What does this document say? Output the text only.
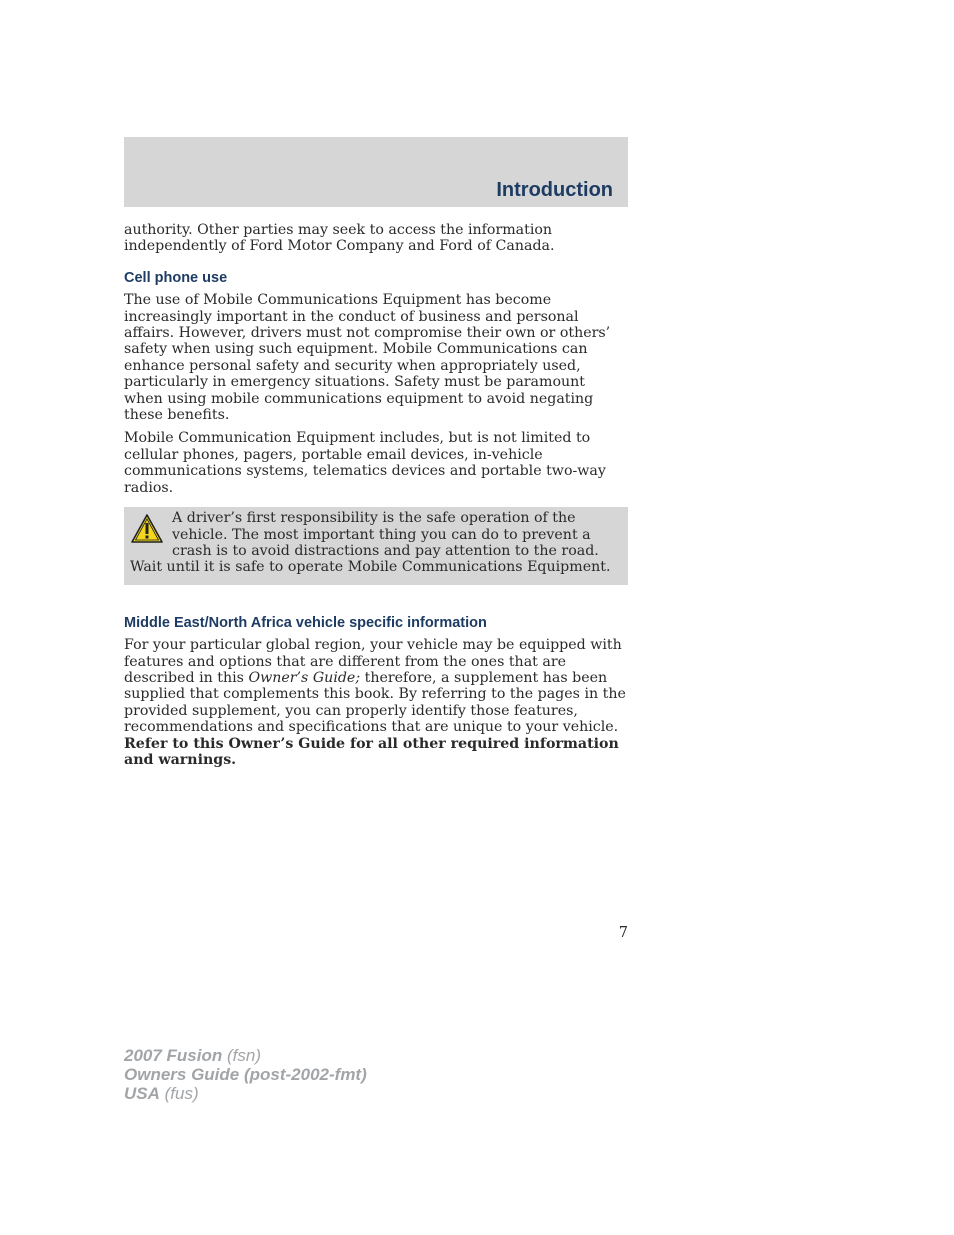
Introduction

authority. Other parties may seek to access the information independently of Ford Motor Company and Ford of Canada.

Cell phone use

The use of Mobile Communications Equipment has become increasingly important in the conduct of business and personal affairs. However, drivers must not compromise their own or others’ safety when using such equipment. Mobile Communications can enhance personal safety and security when appropriately used, particularly in emergency situations. Safety must be paramount when using mobile communications equipment to avoid negating these benefits.

Mobile Communication Equipment includes, but is not limited to cellular phones, pagers, portable email devices, in-vehicle communications systems, telematics devices and portable two-way radios.

A driver’s first responsibility is the safe operation of the vehicle. The most important thing you can do to prevent a crash is to avoid distractions and pay attention to the road. Wait until it is safe to operate Mobile Communications Equipment.
Middle East/North Africa vehicle specific information

For your particular global region, your vehicle may be equipped with features and options that are different from the ones that are described in this Owner’s Guide; therefore, a supplement has been supplied that complements this book. By referring to the pages in the provided supplement, you can properly identify those features, recommendations and specifications that are unique to your vehicle. Refer to this Owner’s Guide for all other required information and warnings.

7
2007 Fusion (fsn)
Owners Guide (post-2002-fmt)
USA (fus)
